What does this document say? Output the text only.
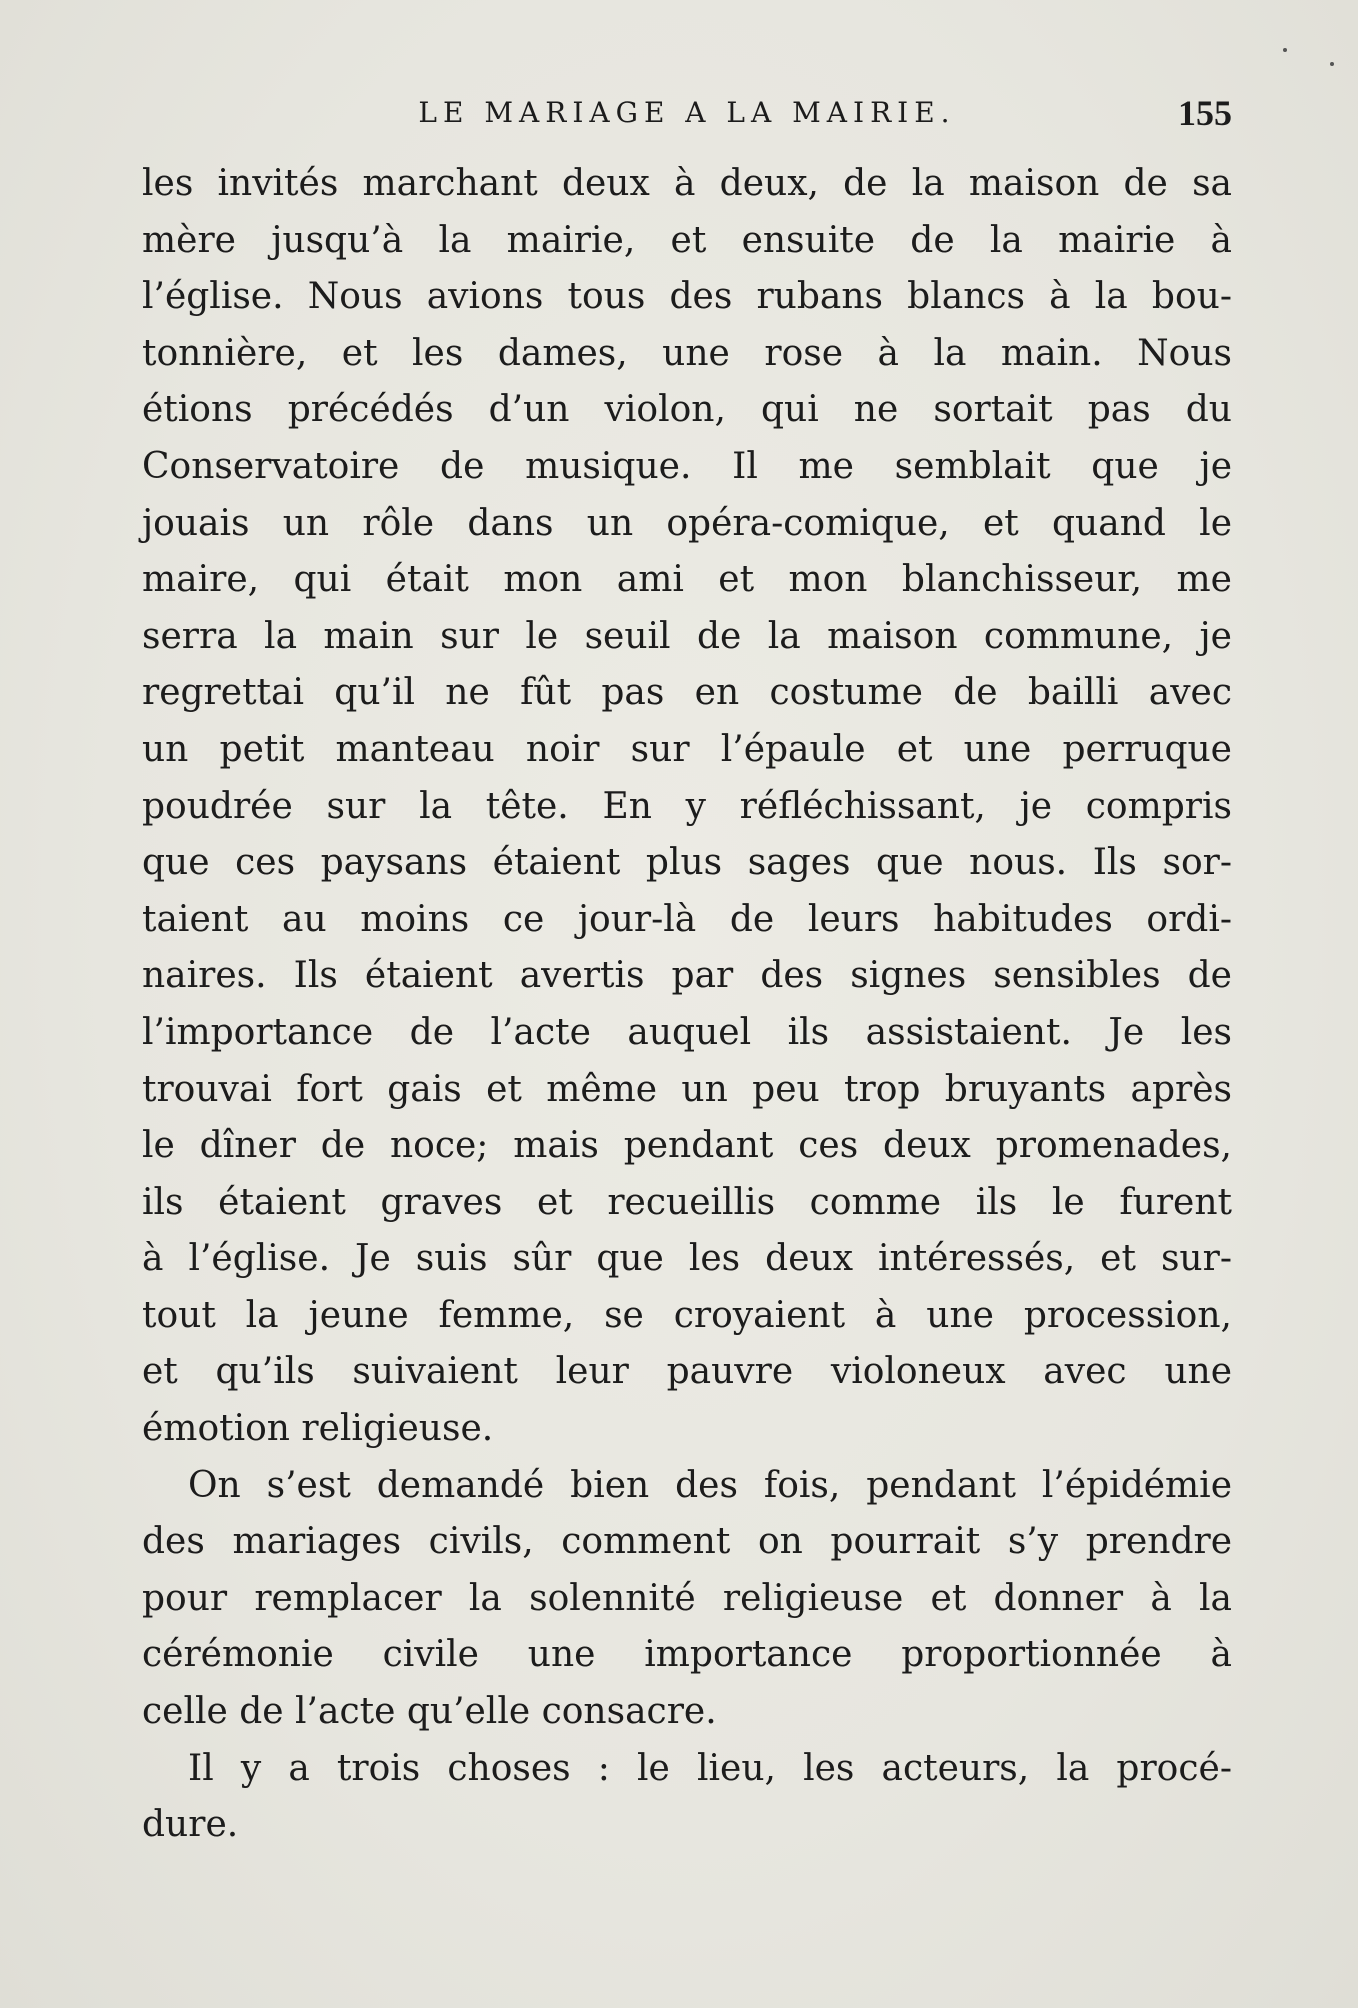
LE MARIAGE A LA MAIRIE.	155
les invités marchant deux à deux, de la maison de sa
mère jusqu’à la mairie, et ensuite de la mairie à
l’église. Nous avions tous des rubans blancs à la bou-
tonnière, et les dames, une rose à la main. Nous
étions précédés d’un violon, qui ne sortait pas du
Conservatoire de musique. Il me semblait que je
jouais un rôle dans un opéra-comique, et quand le
maire, qui était mon ami et mon blanchisseur, me
serra la main sur le seuil de la maison commune, je
regrettai qu’il ne fût pas en costume de bailli avec
un petit manteau noir sur l’épaule et une perruque
poudrée sur la tête. En y réfléchissant, je compris
que ces paysans étaient plus sages que nous. Ils sor-
taient au moins ce jour-là de leurs habitudes ordi-
naires. Ils étaient avertis par des signes sensibles de
l’importance de l’acte auquel ils assistaient. Je les
trouvai fort gais et même un peu trop bruyants après
le dîner de noce; mais pendant ces deux promenades,
ils étaient graves et recueillis comme ils le furent
à l’église. Je suis sûr que les deux intéressés, et sur-
tout la jeune femme, se croyaient à une procession,
et qu’ils suivaient leur pauvre violoneux avec une
émotion religieuse.
On s’est demandé bien des fois, pendant l’épidémie
des mariages civils, comment on pourrait s’y prendre
pour remplacer la solennité religieuse et donner à la
cérémonie civile une importance proportionnée à
celle de l’acte qu’elle consacre.
Il y a trois choses : le lieu, les acteurs, la procé-
dure.
